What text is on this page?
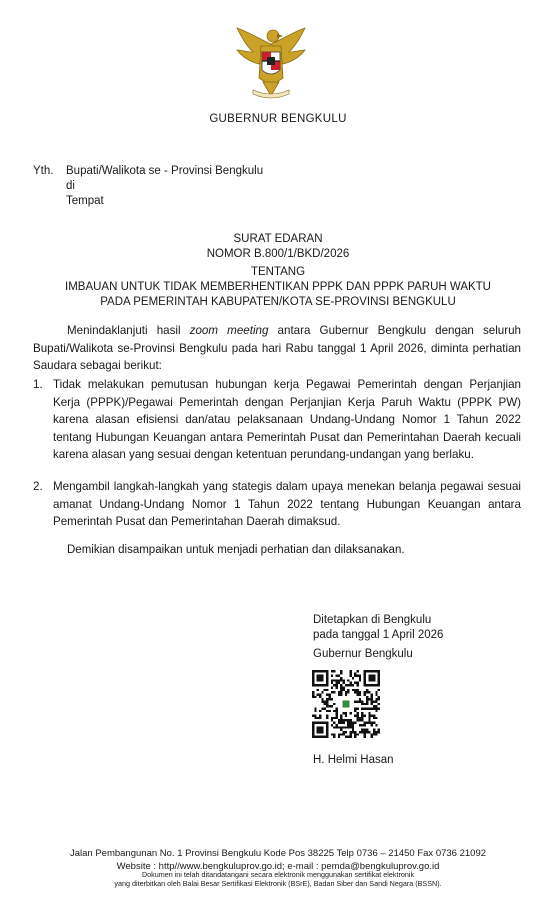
GUBERNUR BENGKULU
Yth. Bupati/Walikota se - Provinsi Bengkulu
di
Tempat
SURAT EDARAN
NOMOR B.800/1/BKD/2026
TENTANG
IMBAUAN UNTUK TIDAK MEMBERHENTIKAN PPPK DAN PPPK PARUH WAKTU
PADA PEMERINTAH KABUPATEN/KOTA SE-PROVINSI BENGKULU
Menindaklanjuti hasil zoom meeting antara Gubernur Bengkulu dengan seluruh Bupati/Walikota se-Provinsi Bengkulu pada hari Rabu tanggal 1 April 2026, diminta perhatian Saudara sebagai berikut:
1. Tidak melakukan pemutusan hubungan kerja Pegawai Pemerintah dengan Perjanjian Kerja (PPPK)/Pegawai Pemerintah dengan Perjanjian Kerja Paruh Waktu (PPPK PW) karena alasan efisiensi dan/atau pelaksanaan Undang-Undang Nomor 1 Tahun 2022 tentang Hubungan Keuangan antara Pemerintah Pusat dan Pemerintahan Daerah kecuali karena alasan yang sesuai dengan ketentuan perundang-undangan yang berlaku.
2. Mengambil langkah-langkah yang stategis dalam upaya menekan belanja pegawai sesuai amanat Undang-Undang Nomor 1 Tahun 2022 tentang Hubungan Keuangan antara Pemerintah Pusat dan Pemerintahan Daerah dimaksud.
Demikian disampaikan untuk menjadi perhatian dan dilaksanakan.
Ditetapkan di Bengkulu
pada tanggal 1 April 2026
Gubernur Bengkulu
H. Helmi Hasan
Jalan Pembangunan No. 1 Provinsi Bengkulu Kode Pos 38225 Telp 0736 – 21450 Fax 0736 21092
Website : http//www.bengkuluprov.go.id; e-mail : pemda@bengkuluprov.go.id
Dokumen ini telah ditandatangani secara elektronik menggunakan sertifikat elektronik
yang diterbitkan oleh Balai Besar Sertifikasi Elektronik (BSrE), Badan Siber dan Sandi Negara (BSSN).
